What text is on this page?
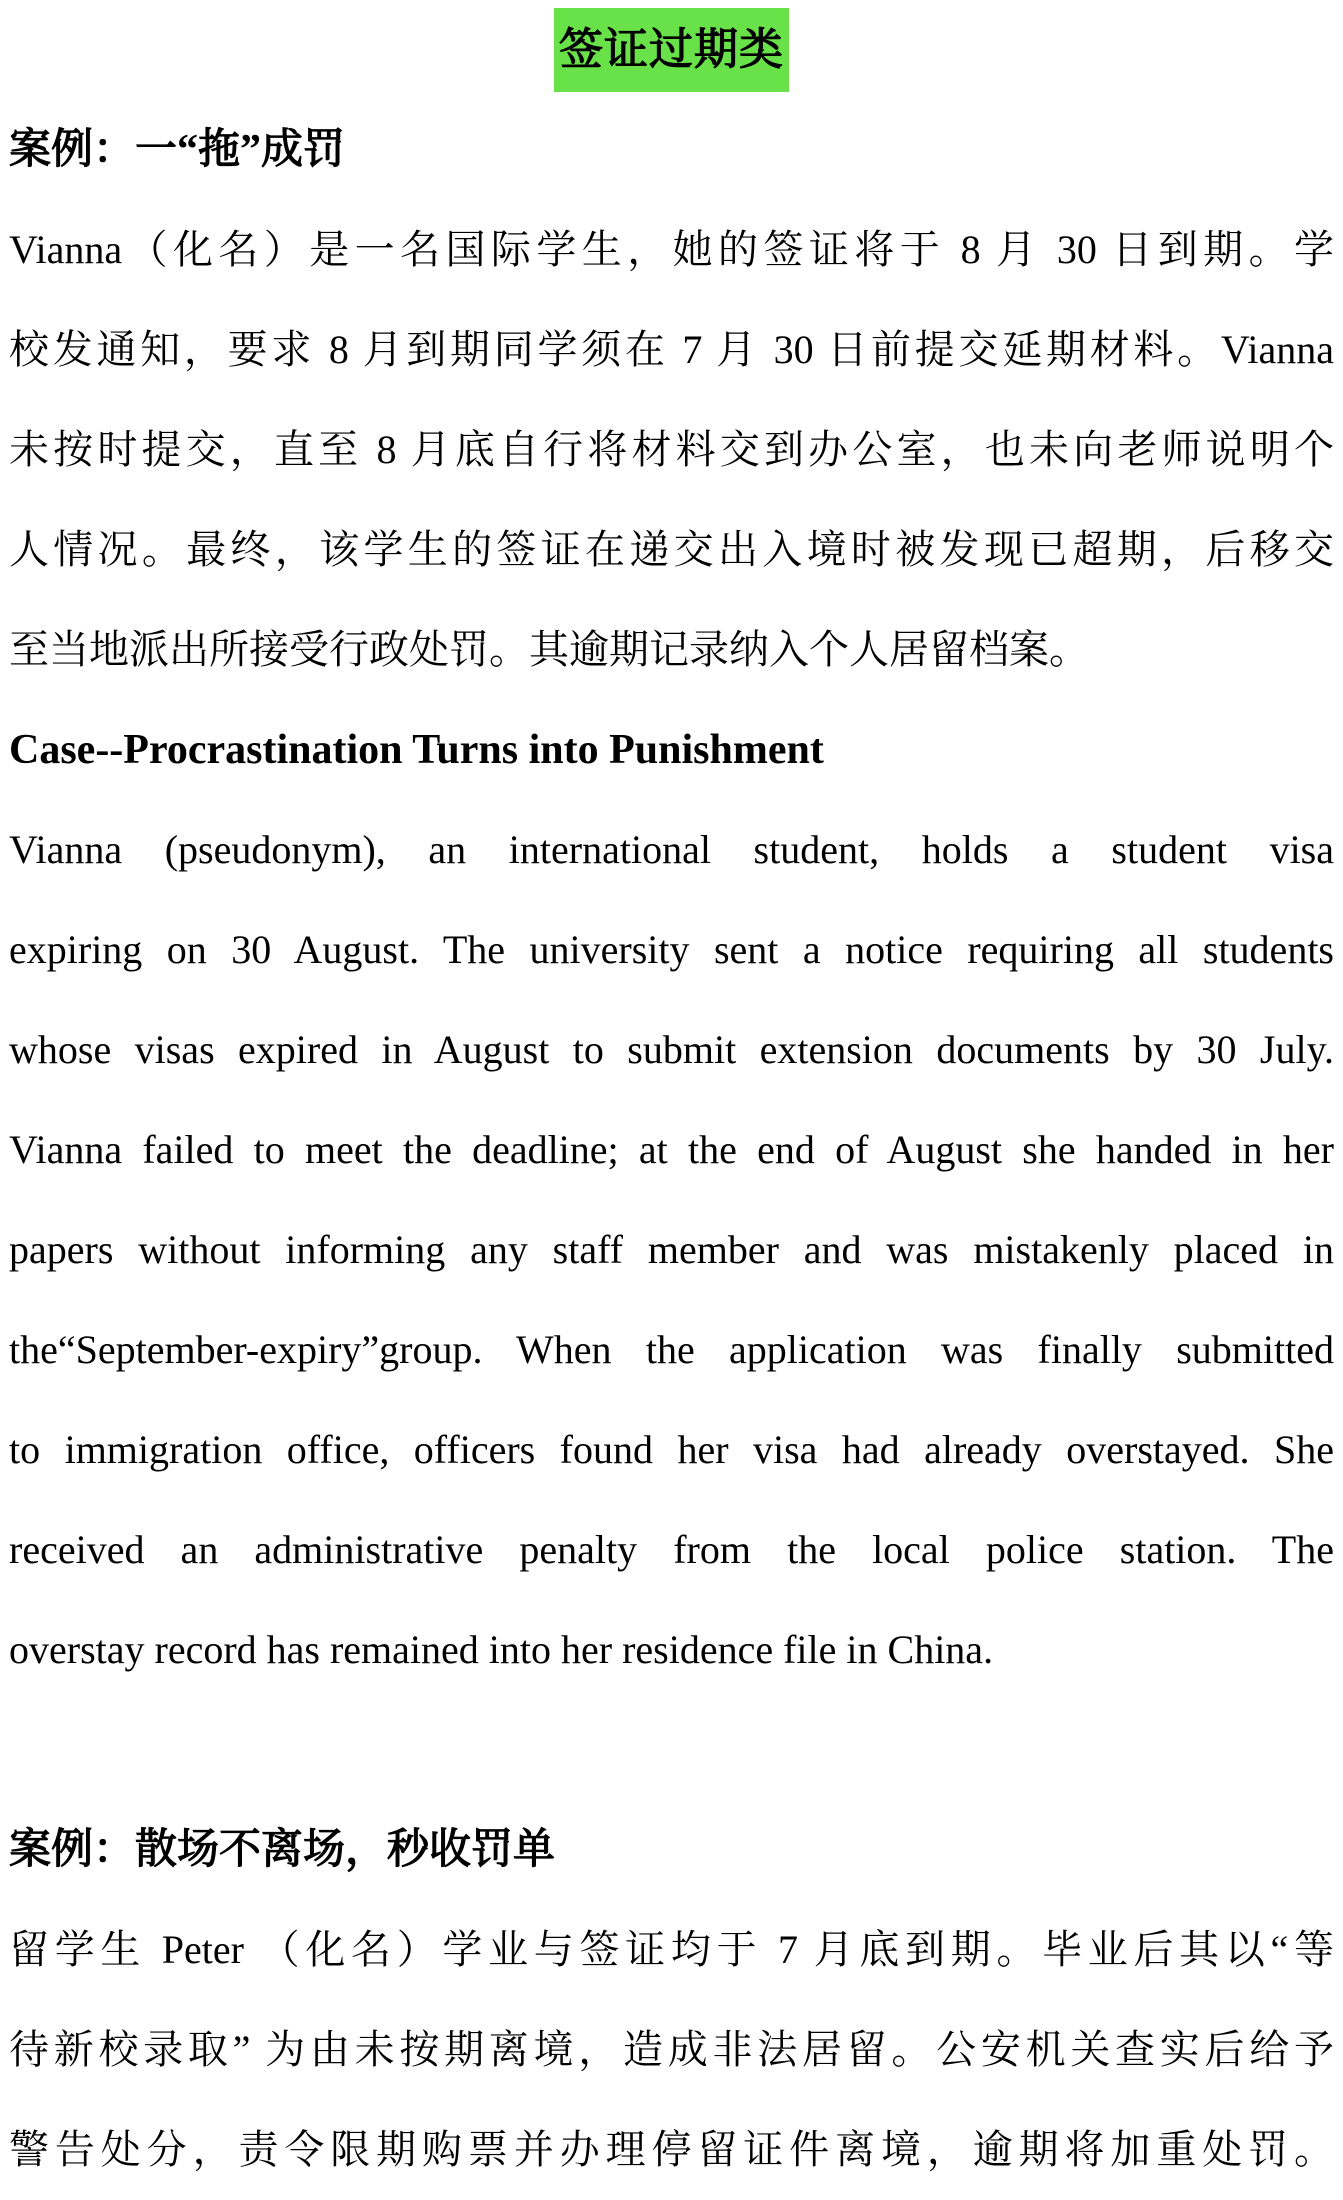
签证过期类
案例：一“拖”成罚
Vianna（化名）是一名国际学生，她的签证将于 8 月 30 日到期。学
校发通知，要求 8 月到期同学须在 7 月 30 日前提交延期材料。Vianna
未按时提交，直至 8 月底自行将材料交到办公室，也未向老师说明个
人情况。最终，该学生的签证在递交出入境时被发现已超期，后移交
至当地派出所接受行政处罚。其逾期记录纳入个人居留档案。
Case--Procrastination Turns into Punishment
Vianna (pseudonym), an international student, holds a student visa
expiring on 30 August. The university sent a notice requiring all students
whose visas expired in August to submit extension documents by 30 July.
Vianna failed to meet the deadline; at the end of August she handed in her
papers without informing any staff member and was mistakenly placed in
the“September-expiry”group. When the application was finally submitted
to immigration office, officers found her visa had already overstayed. She
received an administrative penalty from the local police station. The
overstay record has remained into her residence file in China.
案例：散场不离场，秒收罚单
留学生 Peter （化名）学业与签证均于 7 月底到期。毕业后其以“等
待新校录取” 为由未按期离境，造成非法居留。公安机关查实后给予
警告处分，责令限期购票并办理停留证件离境，逾期将加重处罚。
